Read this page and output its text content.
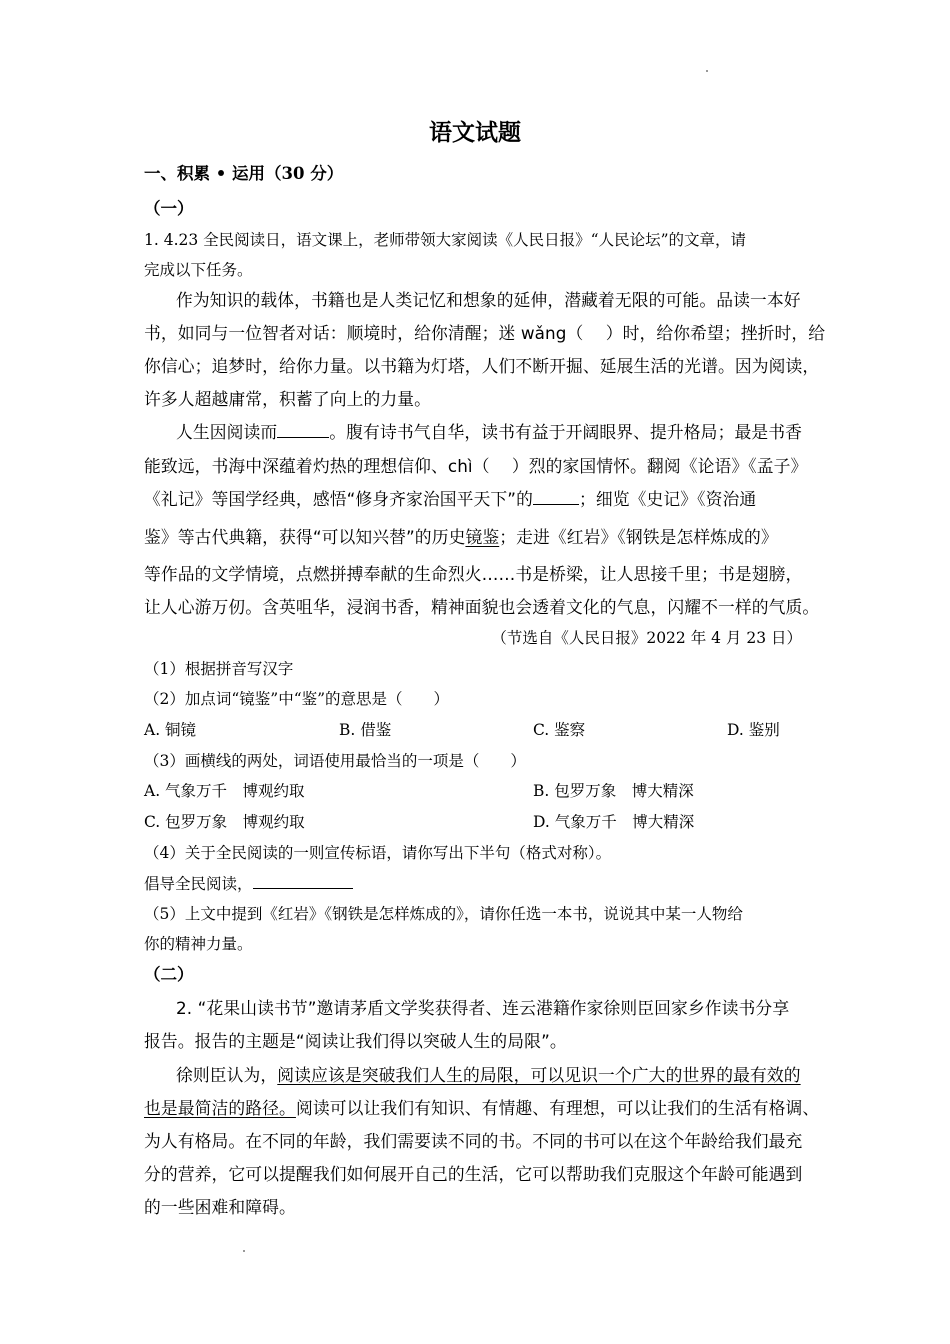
语文试题
一、积累 • 运用（30 分）
（一）
1. 4.23 全民阅读日，语文课上，老师带领大家阅读《人民日报》“人民论坛”的文章，请
完成以下任务。
作为知识的载体，书籍也是人类记忆和想象的延伸，潜藏着无限的可能。品读一本好
书，如同与一位智者对话：顺境时，给你清醒；迷 wǎng（　 ）时，给你希望；挫折时，给
你信心；追梦时，给你力量。以书籍为灯塔，人们不断开掘、延展生活的光谱。因为阅读，
许多人超越庸常，积蓄了向上的力量。
人生因阅读而	。腹有诗书气自华，读书有益于开阔眼界、提升格局；最是书香
能致远，书海中深蕴着灼热的理想信仰、chì（　 ）烈的家国情怀。翻阅《论语》《孟子》
《礼记》等国学经典，感悟“修身齐家治国平天下”的	；细览《史记》《资治通
鉴》等古代典籍，获得“可以知兴替”的历史镜鉴；走进《红岩》《钢铁是怎样炼成的》
等作品的文学情境，点燃拼搏奉献的生命烈火……书是桥梁，让人思接千里；书是翅膀，
让人心游万仞。含英咀华，浸润书香，精神面貌也会透着文化的气息，闪耀不一样的气质。
（节选自《人民日报》2022 年 4 月 23 日）
（1）根据拼音写汉字
（2）加点词“镜鉴”中“鉴”的意思是（　　）
A. 铜镜	B. 借鉴	C. 鉴察	D. 鉴别
（3）画横线的两处，词语使用最恰当的一项是（　　）
A. 气象万千　博观约取	B. 包罗万象　博大精深
C. 包罗万象　博观约取	D. 气象万千　博大精深
（4）关于全民阅读的一则宣传标语，请你写出下半句（格式对称）。
倡导全民阅读，
（5）上文中提到《红岩》《钢铁是怎样炼成的》，请你任选一本书，说说其中某一人物给
你的精神力量。
（二）
2. “花果山读书节”邀请茅盾文学奖获得者、连云港籍作家徐则臣回家乡作读书分享
报告。报告的主题是“阅读让我们得以突破人生的局限”。
徐则臣认为，阅读应该是突破我们人生的局限，可以见识一个广大的世界的最有效的
也是最简洁的路径。阅读可以让我们有知识、有情趣、有理想，可以让我们的生活有格调、
为人有格局。在不同的年龄，我们需要读不同的书。不同的书可以在这个年龄给我们最充
分的营养，它可以提醒我们如何展开自己的生活，它可以帮助我们克服这个年龄可能遇到
的一些困难和障碍。
